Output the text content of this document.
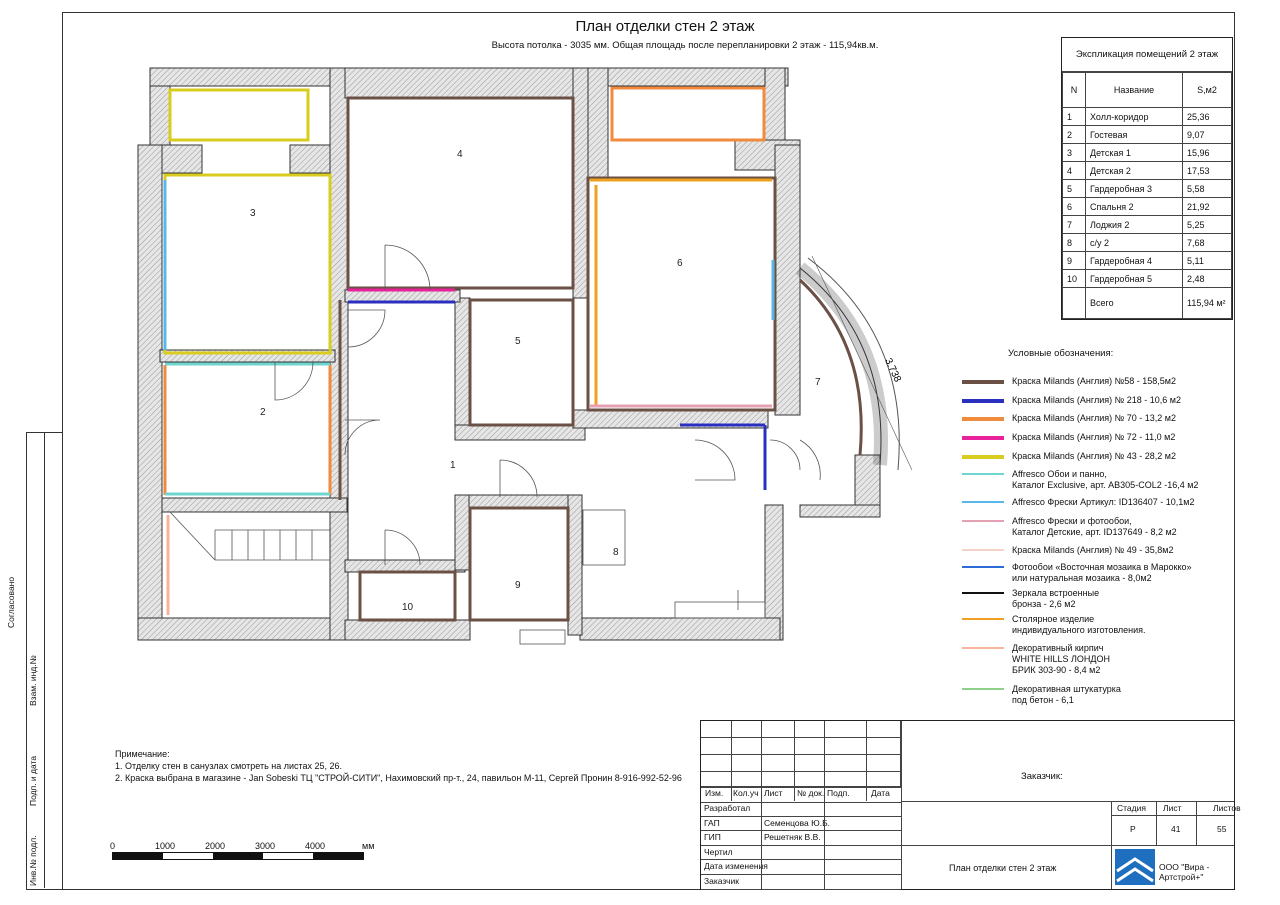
Согласовано
Взам. инд.№
Подп. и дата
Инв.№ подл.
План отделки стен 2 этаж
Высота потолка - 3035 мм. Общая площадь после перепланировки 2 этаж - 115,94кв.м.
3.738
1
2
3
4
5
6
7
8
9
10
Экспликация помещений 2 этаж
N	Название	S,м2
1	Холл-коридор	25,36
2	Гостевая	9,07
3	Детская 1	15,96
4	Детская 2	17,53
5	Гардеробная 3	5,58
6	Спальня 2	21,92
7	Лоджия 2	5,25
8	с/у 2	7,68
9	Гардеробная 4	5,11
10	Гардеробная 5	2,48
	Всего	115,94 м²
Условные обозначения:
Краска Milands (Англия) №58 - 158,5м2
Краска Milands (Англия) № 218 - 10,6 м2
Краска Milands (Англия) № 70 - 13,2 м2
Краска Milands (Англия) № 72 - 11,0 м2
Краска Milands (Англия) № 43 - 28,2 м2
Affresco Обои и панно,
Каталог Exclusive, арт. AB305-COL2 -16,4 м2
Affresco Фрески Артикул: ID136407 - 10,1м2
Affresco Фрески и фотообои,
Каталог Детские, арт. ID137649 - 8,2 м2
Краска Milands (Англия) № 49 - 35,8м2
Фотообои «Восточная мозаика в Марокко»
или натуральная мозаика - 8,0м2
Зеркала встроенные
бронза - 2,6 м2
Столярное изделие
индивидуального изготовления.
Декоративный кирпич
WHITE HILLS ЛОНДОН
БРИК 303-90 - 8,4 м2
Декоративная штукатурка
под бетон - 6,1
Примечание:
1. Отделку стен в санузлах смотреть на листах 25, 26.
2. Краска выбрана в магазине - Jan Sobeski ТЦ "СТРОЙ-СИТИ", Нахимовский пр-т., 24, павильон М-11, Сергей Пронин 8-916-992-52-96
0	1000	2000	3000	4000	мм
Заказчик:
Изм. Кол.уч Лист № док. Подп.	Дата
Разработал
ГАП	Семенцова Ю.Б.
ГИП	Решетняк В.В.
Чертил
Дата изменения
Заказчик
Стадия Лист	Листов
Р	41	55
План отделки стен 2 этаж	ООО "Вира - Артстрой+"
